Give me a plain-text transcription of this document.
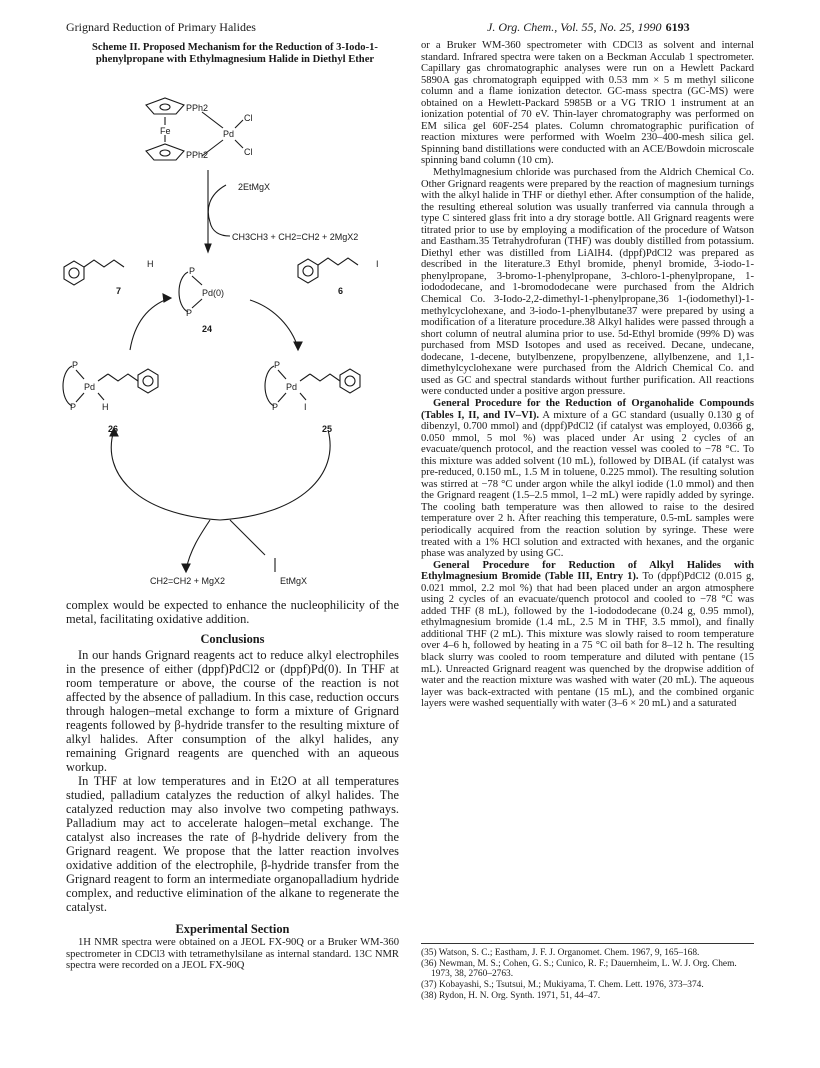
Grignard Reduction of Primary Halides	J. Org. Chem., Vol. 55, No. 25, 1990 6193
Scheme II. Proposed Mechanism for the Reduction of 3-Iodo-1-phenylpropane with Ethylmagnesium Halide in Diethyl Ether
PPh2
PPh2
Fe	Pd
Cl
Cl
2EtMgX
CH3CH3 + CH2=CH2 + 2MgX2
H
7
I
6
P
P
Pd(0)
24
P
P
Pd
H
26
P
P
Pd
I
25
CH2=CH2 + MgX2	EtMgX
complex would be expected to enhance the nucleophilicity of the metal, facilitating oxidative addition.
Conclusions
In our hands Grignard reagents act to reduce alkyl electrophiles in the presence of either (dppf)PdCl2 or (dppf)Pd(0). In THF at room temperature or above, the course of the reaction is not affected by the absence of palladium. In this case, reduction occurs through halogen–metal exchange to form a mixture of Grignard reagents followed by β-hydride transfer to the resulting mixture of alkyl halides. After consumption of the alkyl halides, any remaining Grignard reagents are quenched with an aqueous workup.
In THF at low temperatures and in Et2O at all temperatures studied, palladium catalyzes the reduction of alkyl halides. The catalyzed reduction may also involve two competing pathways. Palladium may act to accelerate halogen–metal exchange. The catalyst also increases the rate of β-hydride delivery from the Grignard reagent. We propose that the latter reaction involves oxidative addition of the electrophile, β-hydride transfer from the Grignard reagent to form an intermediate organopalladium hydride complex, and reductive elimination of the alkane to regenerate the catalyst.
Experimental Section
1H NMR spectra were obtained on a JEOL FX-90Q or a Bruker WM-360 spectrometer in CDCl3 with tetramethylsilane as internal standard. 13C NMR spectra were recorded on a JEOL FX-90Q
or a Bruker WM-360 spectrometer with CDCl3 as solvent and internal standard. Infrared spectra were taken on a Beckman Acculab 1 spectrometer. Capillary gas chromatographic analyses were run on a Hewlett Packard 5890A gas chromatograph equipped with 0.53 mm × 5 m methyl silicone column and a flame ionization detector. GC-mass spectra (GC-MS) were obtained on a Hewlett-Packard 5985B or a VG TRIO 1 instrument at an ionization potential of 70 eV. Thin-layer chromatography was performed on EM silica gel 60F-254 plates. Column chromatographic purification of reaction mixtures were performed with Woelm 230–400-mesh silica gel. Spinning band distillations were conducted with an ACE/Bowdoin microscale spinning band column (10 cm).
Methylmagnesium chloride was purchased from the Aldrich Chemical Co. Other Grignard reagents were prepared by the reaction of magnesium turnings with the alkyl halide in THF or diethyl ether. After consumption of the halide, the resulting ethereal solution was usually tranferred via cannula through a type C sintered glass frit into a dry storage bottle. All Grignard reagents were titrated prior to use by employing a modification of the procedure of Watson and Eastham.35 Tetrahydrofuran (THF) was doubly distilled from potassium. Diethyl ether was distilled from LiAlH4. (dppf)PdCl2 was prepared as described in the literature.3 Ethyl bromide, phenyl bromide, 3-iodo-1-phenylpropane, 3-bromo-1-phenylpropane, 3-chloro-1-phenylpropane, 1-iodododecane, and 1-bromododecane were purchased from the Aldrich Chemical Co. 3-Iodo-2,2-dimethyl-1-phenylpropane,36 1-(iodomethyl)-1-methylcyclohexane, and 3-iodo-1-phenylbutane37 were prepared by using a modification of a literature procedure.38 Alkyl halides were passed through a short column of neutral alumina prior to use. 5d-Ethyl bromide (99% D) was purchased from MSD Isotopes and used as received. Decane, undecane, dodecane, 1-decene, butylbenzene, propylbenzene, allylbenzene, and 1,1-dimethylcyclohexane were purchased from the Aldrich Chemical Co. and used as GC and spectral standards without further purification. All reactions were conducted under a positive argon pressure.
General Procedure for the Reduction of Organohalide Compounds (Tables I, II, and IV–VI). A mixture of a GC standard (usually 0.130 g of dibenzyl, 0.700 mmol) and (dppf)PdCl2 (if catalyst was employed, 0.0366 g, 0.050 mmol, 5 mol %) was placed under Ar using 2 cycles of an evacuate/quench protocol, and the reaction vessel was cooled to −78 °C. To this mixture was added solvent (10 mL), followed by DIBAL (if catalyst was pre-reduced, 0.150 mL, 1.5 M in toluene, 0.225 mmol). The resulting solution was stirred at −78 °C under argon while the alkyl iodide (1.0 mmol) and then the Grignard reagent (1.5–2.5 mmol, 1–2 mL) were rapidly added by syringe. The cooling bath temperature was then allowed to raise to the desired temperature over 2 h. After reaching this temperature, 0.5-mL samples were periodically acquired from the reaction solution by syringe. These were treated with a 1% HCl solution and extracted with hexanes, and the organic phase was analyzed by using GC.
General Procedure for Reduction of Alkyl Halides with Ethylmagnesium Bromide (Table III, Entry 1). To (dppf)PdCl2 (0.015 g, 0.021 mmol, 2.2 mol %) that had been placed under an argon atmosphere using 2 cycles of an evacuate/quench protocol and cooled to −78 °C was added THF (8 mL), followed by the 1-iodododecane (0.24 g, 0.95 mmol), ethylmagnesium bromide (1.4 mL, 2.5 M in THF, 3.5 mmol), and finally additional THF (2 mL). This mixture was slowly raised to room temperature over 4–6 h, followed by heating in a 75 °C oil bath for 8–12 h. The resulting black slurry was cooled to room temperature and diluted with pentane (15 mL). Unreacted Grignard reagent was quenched by the dropwise addition of water and the reaction mixture was washed with water (20 mL). The aqueous layer was back-extracted with pentane (15 mL), and the combined organic layers were washed sequentially with water (3–6 × 20 mL) and a saturated
(35) Watson, S. C.; Eastham, J. F. J. Organomet. Chem. 1967, 9, 165–168.
(36) Newman, M. S.; Cohen, G. S.; Cunico, R. F.; Dauernheim, L. W. J. Org. Chem. 1973, 38, 2760–2763.
(37) Kobayashi, S.; Tsutsui, M.; Mukiyama, T. Chem. Lett. 1976, 373–374.
(38) Rydon, H. N. Org. Synth. 1971, 51, 44–47.
